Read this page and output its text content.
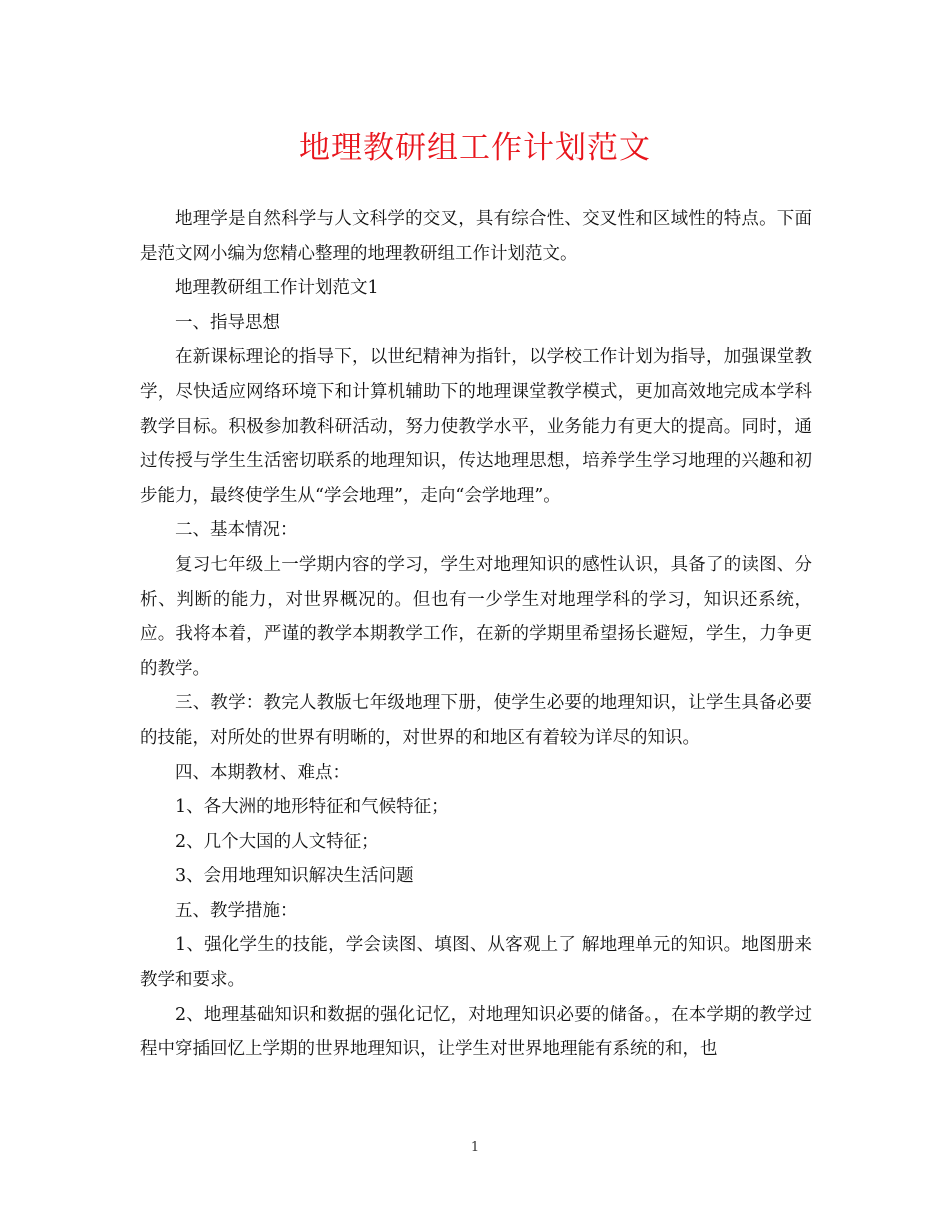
地理教研组工作计划范文

地理学是自然科学与人文科学的交叉，具有综合性、交叉性和区域性的特点。下面是范文网小编为您精心整理的地理教研组工作计划范文。

地理教研组工作计划范文1

一、指导思想

在新课标理论的指导下，以世纪精神为指针，以学校工作计划为指导，加强课堂教学，尽快适应网络环境下和计算机辅助下的地理课堂教学模式，更加高效地完成本学科教学目标。积极参加教科研活动，努力使教学水平，业务能力有更大的提高。同时，通过传授与学生生活密切联系的地理知识，传达地理思想，培养学生学习地理的兴趣和初步能力，最终使学生从“学会地理”，走向“会学地理”。

二、基本情况：

复习七年级上一学期内容的学习，学生对地理知识的感性认识，具备了的读图、分析、判断的能力，对世界概况的。但也有一少学生对地理学科的学习，知识还系统，应。我将本着，严谨的教学本期教学工作，在新的学期里希望扬长避短，学生，力争更的教学。

三、教学：教完人教版七年级地理下册，使学生必要的地理知识，让学生具备必要的技能，对所处的世界有明晰的，对世界的和地区有着较为详尽的知识。

四、本期教材、难点：

1、各大洲的地形特征和气候特征；

2、几个大国的人文特征；

3、会用地理知识解决生活问题

五、教学措施：

1、强化学生的技能，学会读图、填图、从客观上了 解地理单元的知识。地图册来教学和要求。

2、地理基础知识和数据的强化记忆，对地理知识必要的储备。，在本学期的教学过程中穿插回忆上学期的世界地理知识，让学生对世界地理能有系统的和，也

1
